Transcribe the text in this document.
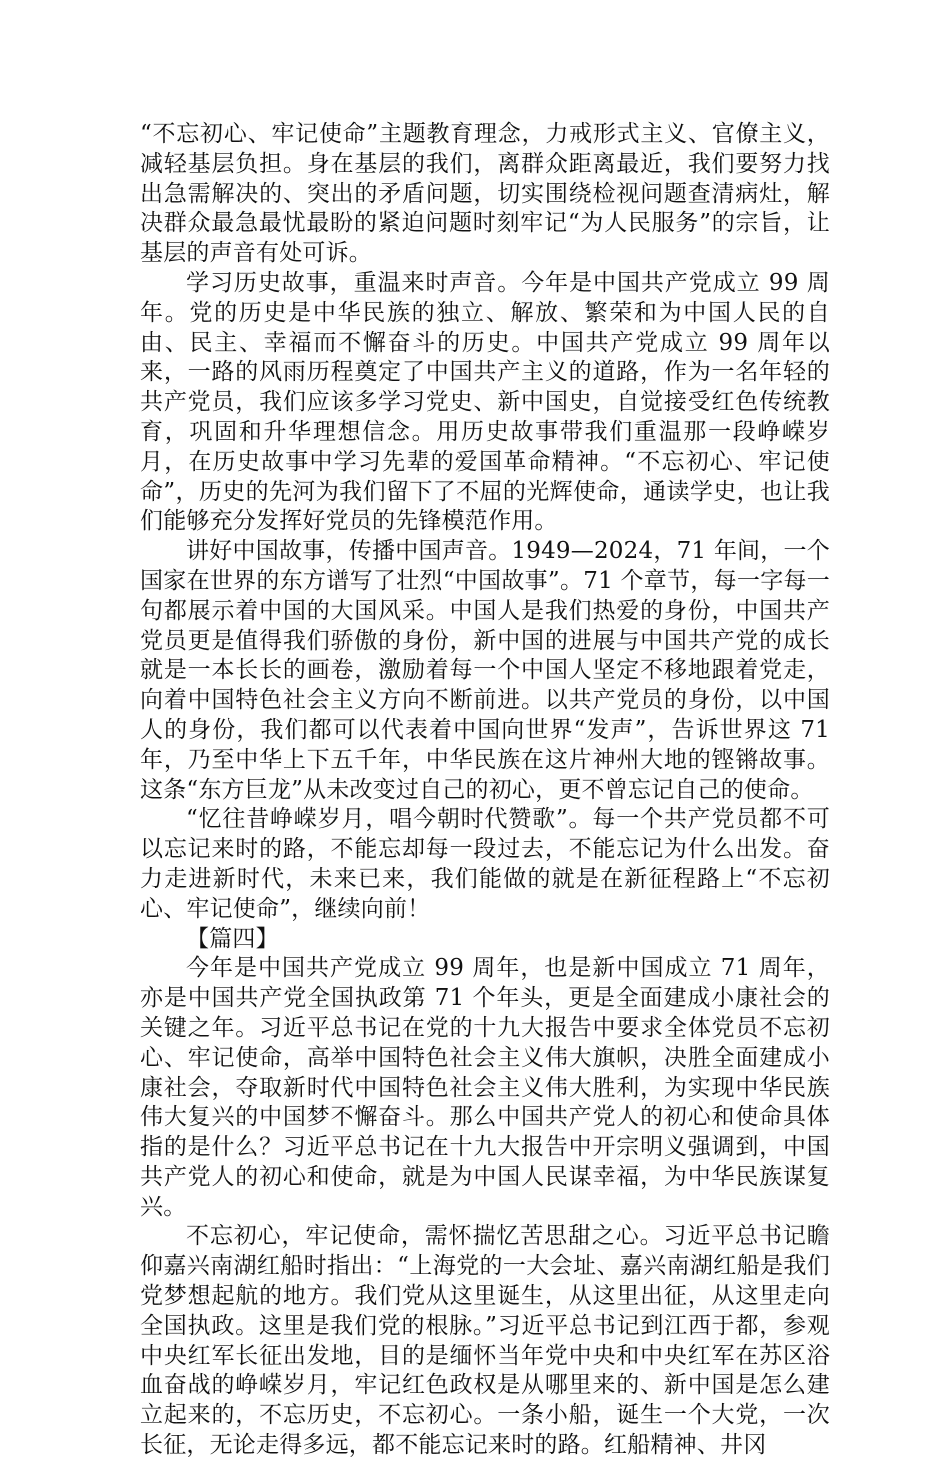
“不忘初心、牢记使命”主题教育理念，力戒形式主义、官僚主义，减轻基层负担。身在基层的我们，离群众距离最近，我们要努力找出急需解决的、突出的矛盾问题，切实围绕检视问题查清病灶，解决群众最急最忧最盼的紧迫问题时刻牢记“为人民服务”的宗旨，让基层的声音有处可诉。

学习历史故事，重温来时声音。今年是中国共产党成立 99 周年。党的历史是中华民族的独立、解放、繁荣和为中国人民的自由、民主、幸福而不懈奋斗的历史。中国共产党成立 99 周年以来，一路的风雨历程奠定了中国共产主义的道路，作为一名年轻的共产党员，我们应该多学习党史、新中国史，自觉接受红色传统教育，巩固和升华理想信念。用历史故事带我们重温那一段峥嵘岁月，在历史故事中学习先辈的爱国革命精神。“不忘初心、牢记使命”，历史的先河为我们留下了不屈的光辉使命，通读学史，也让我们能够充分发挥好党员的先锋模范作用。

讲好中国故事，传播中国声音。1949—2024，71 年间，一个国家在世界的东方谱写了壮烈“中国故事”。71 个章节，每一字每一句都展示着中国的大国风采。中国人是我们热爱的身份，中国共产党员更是值得我们骄傲的身份，新中国的进展与中国共产党的成长就是一本长长的画卷，激励着每一个中国人坚定不移地跟着党走，向着中国特色社会主义方向不断前进。以共产党员的身份，以中国人的身份，我们都可以代表着中国向世界“发声”，告诉世界这 71 年，乃至中华上下五千年，中华民族在这片神州大地的铿锵故事。这条“东方巨龙”从未改变过自己的初心，更不曾忘记自己的使命。

“忆往昔峥嵘岁月，唱今朝时代赞歌”。每一个共产党员都不可以忘记来时的路，不能忘却每一段过去，不能忘记为什么出发。奋力走进新时代，未来已来，我们能做的就是在新征程路上“不忘初心、牢记使命”，继续向前！

【篇四】

今年是中国共产党成立 99 周年，也是新中国成立 71 周年，亦是中国共产党全国执政第 71 个年头，更是全面建成小康社会的关键之年。习近平总书记在党的十九大报告中要求全体党员不忘初心、牢记使命，高举中国特色社会主义伟大旗帜，决胜全面建成小康社会，夺取新时代中国特色社会主义伟大胜利，为实现中华民族伟大复兴的中国梦不懈奋斗。那么中国共产党人的初心和使命具体指的是什么？习近平总书记在十九大报告中开宗明义强调到，中国共产党人的初心和使命，就是为中国人民谋幸福，为中华民族谋复兴。

不忘初心，牢记使命，需怀揣忆苦思甜之心。习近平总书记瞻仰嘉兴南湖红船时指出：“上海党的一大会址、嘉兴南湖红船是我们党梦想起航的地方。我们党从这里诞生，从这里出征，从这里走向全国执政。这里是我们党的根脉。”习近平总书记到江西于都，参观中央红军长征出发地，目的是缅怀当年党中央和中央红军在苏区浴血奋战的峥嵘岁月，牢记红色政权是从哪里来的、新中国是怎么建立起来的，不忘历史，不忘初心。一条小船，诞生一个大党，一次长征，无论走得多远，都不能忘记来时的路。红船精神、井冈
